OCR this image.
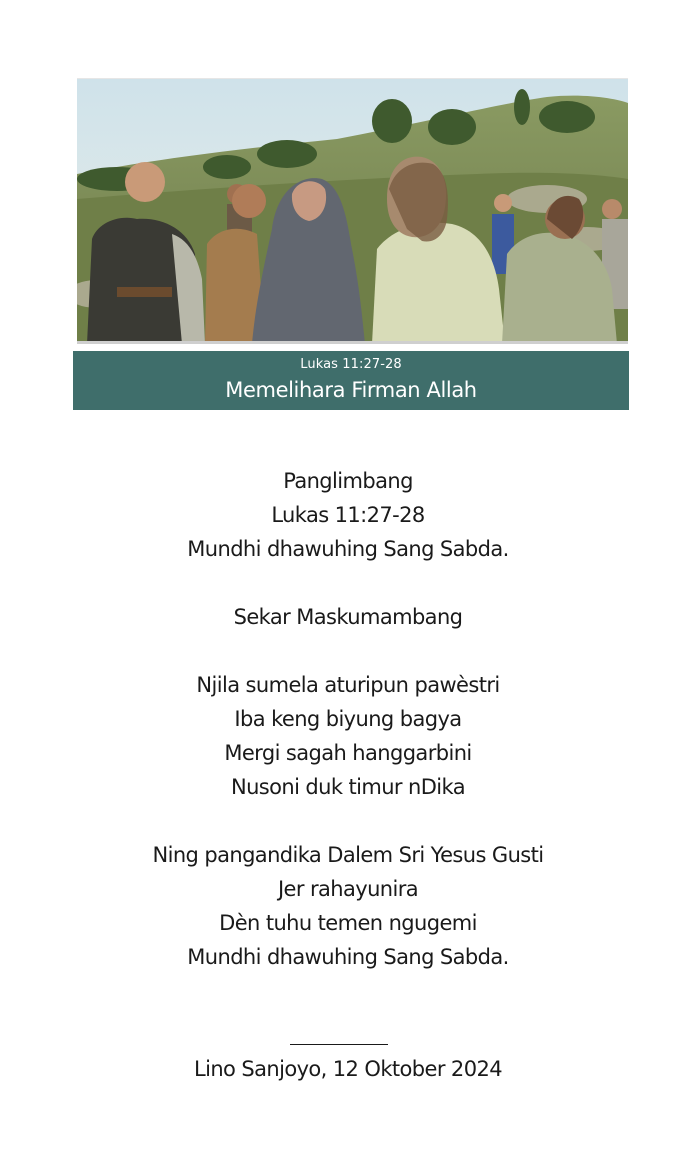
Lukas 11:27-28
Memelihara Firman Allah
Panglimbang
Lukas 11:27-28
Mundhi dhawuhing Sang Sabda.
Sekar Maskumambang
Njila sumela aturipun pawèstri
Iba keng biyung bagya
Mergi sagah hanggarbini
Nusoni duk timur nDika
Ning pangandika Dalem Sri Yesus Gusti
Jer rahayunira
Dèn tuhu temen ngugemi
Mundhi dhawuhing Sang Sabda.
Lino Sanjoyo, 12 Oktober 2024
